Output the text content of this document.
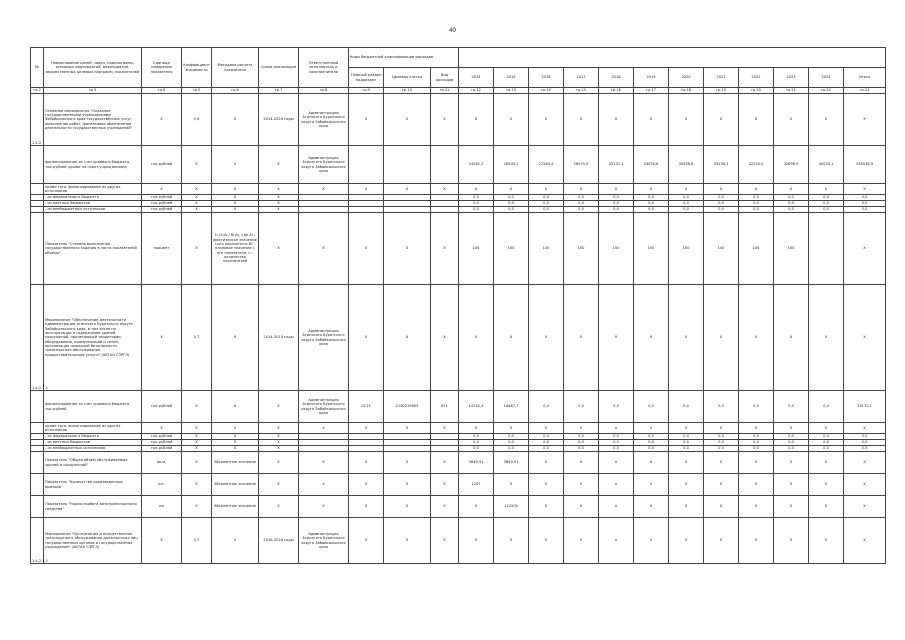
40
№	Наименование целей, задач, подпрограмм, основных мероприятий, мероприятий, ведомственных целевых программ, показателей	Единица измерения показателя	Коэффициент значимости	Методика расчета показателя	Сроки реализации	Ответственный исполнитель и соисполнители	Коды бюджетной классификации расходов														
							Главный раздел подраздел	Целевая статья	Вид расходов	2014	2015	2016	2017	2018	2019	2020	2021	2022	2023	2024	Итого
гр.2	гр.3	гр.4	гр.5	гр.6	гр.7	гр.8	гр.9	гр.10	гр.11	гр.12	гр.13	гр.14	гр.15	гр.16	гр.17	гр.18	гр.19	гр.20	гр.21	гр.22	гр.23
1.4.2	Основное мероприятие "Оказание государственными учреждениями Забайкальского края государственных услуг, выполнение работ, финансовое обеспечение деятельности государственных учреждений"	X	0,8	X	2014-2024 годы	Администрация Агинского Бурятского округа Забайкальского края	X	X	X	X	X	X	X	X	X	X	X	X	X	X	X
	финансирование за счет краевого бюджета, тыс.рублей (кроме по грант.учреждениям)	тыс.рублей	X	X	X	Администрация Агинского Бурятского округа Забайкальского края				24082,2	28500,1	27284,4	26975,0	32132,1	24050,6	35458,6	33239,2	32250,0	32698,9	40025,1	336536,9
	кроме того, финансирование из других источников	X	X	X	X	X	X	X	X	X	X	X	X	X	X	X	X	X	X	X	X
	- из федерального бюджета	тыс.рублей	X	X	X					0,0	0,0	0,0	0,0	0,0	0,0	0,0	0,0	0,0	0,0	0,0	0,0
	- из местных бюджетов	тыс.рублей	X	X	X					0,0	0,0	0,0	0,0	0,0	0,0	0,0	0,0	0,0	0,0	0,0	0,0
	- из внебюджетных источников	тыс.рублей	X	X	X					0,0	0,0	0,0	0,0	0,0	0,0	0,0	0,0	0,0	0,0	0,0	0,0
	Показатель "Степень выполнения государственного задания в части показателей объема"	процент	X	I=(Σ(Ai / Bi)/n, где Ai - фактическое значение i-ого показателя; Bi - плановое значение i-ого показателя, n - количество показателей	X	X	X	X	X	100	100	100	100	100	100	100	100	100	100		X
1.4.2.1.1	Мероприятие "Обеспечение деятельности Администрации Агинского Бурятского округа Забайкальского края, в том числе по эксплуатации и содержанию зданий, сооружений, прилегающей территории, оборудования, коммуникаций и сетей, организация пожарной безопасности, транспортное обслуживание, предоставительские услуги" (АБТАН СЗРГЭ)	X	0,7	X	2014-2015 годы	Администрация Агинского Бурятского округа Забайкальского края	X	X	X	X	X	X	X	X	X	X	X	X	X	X	X
	финансирование за счет краевого бюджета, тыс.рублей	тыс.рублей	X	X	X	Администрация Агинского Бурятского округа Забайкальского края	0113	2130219902	611	14742,4	14487,7	0,0	0,0	0,0	0,0	0,0	0,0	0,0	0,0	0,0	29170,1
	кроме того, финансирование из других источников	X	X	X	X	X	X	X	X	X	X	X	X	X	X	X	X	X	X	X	X
	- из федерального бюджета	тыс.рублей	X	X	X					0,0	0,0	0,0	0,0	0,0	0,0	0,0	0,0	0,0	0,0	0,0	0,0
	- из местных бюджетов	тыс.рублей	X	X	X					0,0	0,0	0,0	0,0	0,0	0,0	0,0	0,0	0,0	0,0	0,0	0,0
	- из внебюджетных источников	тыс.рублей	X	X	X					0,0	0,0	0,0	0,0	0,0	0,0	0,0	0,0	0,0	0,0	0,0	0,0
	Показатель "Общая объем обслуживаемых зданий и сооружений"	кв.м.	X	Абсолютное значение	X	X	X	X	X	3649,91	3649,91	X	X	X	X	X	X	X	X	X	X
	Показатель "Количество произведенных выездов"	шт.	X	Абсолютное значение	X	X	X	X	X	1247	X	X	X	X	X	X	X	X	X	X	X
	Показатель "Норма пробега автотранспортного средства"	км	X	Абсолютное значение	X	X	X	X	X	X	112500	X	X	X	X	X	X	X	X	X	X
1.4.2.1.2	Мероприятие "Организация и осуществление транспортного обслуживания должностных лиц государственных органов и государственных учреждений" (АБТАН СЗРГЭ)	X	0,7	X	2016-2024 годы	Администрация Агинского Бурятского округа Забайкальского края	X	X	X	X	X	X	X	X	X	X	X	X	X	X	X
